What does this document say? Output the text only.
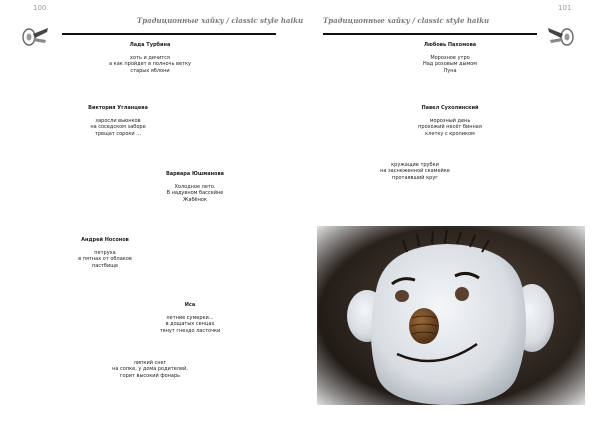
100
Традиционные хайку / classic style haiku
Лада Турбина
хоть и дичится
а как пройдет в полночь ветку
старых яблони
Виктория Угланцева
заросли вьюнков
на соседском заборе
трещат сороки ...
Варвара Юшманова
Холодное лето.
В надувном бассейне
Жабёнок
Андрей Носонов
петруха
в пятнах от облаков
пастбище
Иса
летние сумерки...
в дощатых сенцах
тянут гнездо ласточки
липкий снег
на сопке, у дома родителей,
горит высокий фонарь
101
Традиционные хайку / classic style haiku
Любовь Пахомова
Морозное утро
Над розовым дымом
Луна
Павел Сухолинский
морозный день
прохожий несёт бинная
клетку с кроликом
кружащие трубки
на заснеженной скамейке
протаявший круг
